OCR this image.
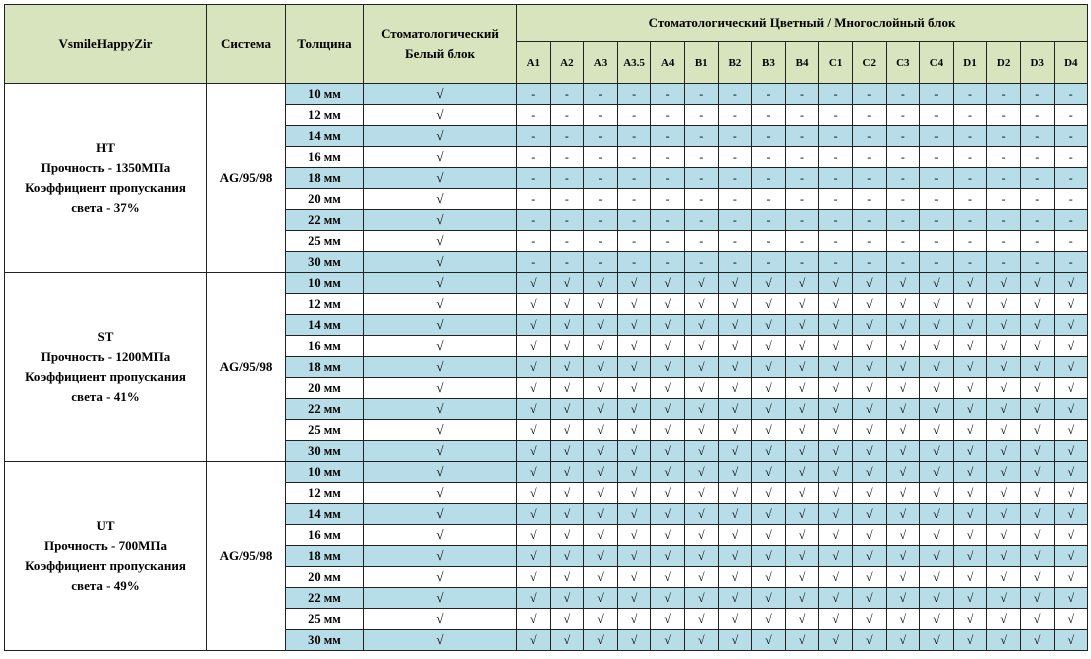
VsmileHappyZir	Система	Толщина	Стоматологический Белый блок	Стоматологический Цветный / Многослойный блок																
				A1	A2	A3	A3.5	A4	B1	B2	B3	B4	C1	C2	C3	C4	D1	D2	D3	D4

HT
Прочность - 1350МПа
Коэффициент пропускания
света - 37%	AG/95/98	10 мм	√	-	-	-	-	-	-	-	-	-	-	-	-	-	-	-	-	-
		12 мм	√	-	-	-	-	-	-	-	-	-	-	-	-	-	-	-	-	-
		14 мм	√	-	-	-	-	-	-	-	-	-	-	-	-	-	-	-	-	-
		16 мм	√	-	-	-	-	-	-	-	-	-	-	-	-	-	-	-	-	-
		18 мм	√	-	-	-	-	-	-	-	-	-	-	-	-	-	-	-	-	-
		20 мм	√	-	-	-	-	-	-	-	-	-	-	-	-	-	-	-	-	-
		22 мм	√	-	-	-	-	-	-	-	-	-	-	-	-	-	-	-	-	-
		25 мм	√	-	-	-	-	-	-	-	-	-	-	-	-	-	-	-	-	-
		30 мм	√	-	-	-	-	-	-	-	-	-	-	-	-	-	-	-	-	-

ST
Прочность - 1200МПа
Коэффициент пропускания
света - 41%	AG/95/98	10 мм	√	√	√	√	√	√	√	√	√	√	√	√	√	√	√	√	√	√
		12 мм	√	√	√	√	√	√	√	√	√	√	√	√	√	√	√	√	√	√
		14 мм	√	√	√	√	√	√	√	√	√	√	√	√	√	√	√	√	√	√
		16 мм	√	√	√	√	√	√	√	√	√	√	√	√	√	√	√	√	√	√
		18 мм	√	√	√	√	√	√	√	√	√	√	√	√	√	√	√	√	√	√
		20 мм	√	√	√	√	√	√	√	√	√	√	√	√	√	√	√	√	√	√
		22 мм	√	√	√	√	√	√	√	√	√	√	√	√	√	√	√	√	√	√
		25 мм	√	√	√	√	√	√	√	√	√	√	√	√	√	√	√	√	√	√
		30 мм	√	√	√	√	√	√	√	√	√	√	√	√	√	√	√	√	√	√

UT
Прочность - 700МПа
Коэффициент пропускания
света - 49%	AG/95/98	10 мм	√	√	√	√	√	√	√	√	√	√	√	√	√	√	√	√	√	√
		12 мм	√	√	√	√	√	√	√	√	√	√	√	√	√	√	√	√	√	√
		14 мм	√	√	√	√	√	√	√	√	√	√	√	√	√	√	√	√	√	√
		16 мм	√	√	√	√	√	√	√	√	√	√	√	√	√	√	√	√	√	√
		18 мм	√	√	√	√	√	√	√	√	√	√	√	√	√	√	√	√	√	√
		20 мм	√	√	√	√	√	√	√	√	√	√	√	√	√	√	√	√	√	√
		22 мм	√	√	√	√	√	√	√	√	√	√	√	√	√	√	√	√	√	√
		25 мм	√	√	√	√	√	√	√	√	√	√	√	√	√	√	√	√	√	√
		30 мм	√	√	√	√	√	√	√	√	√	√	√	√	√	√	√	√	√	√
